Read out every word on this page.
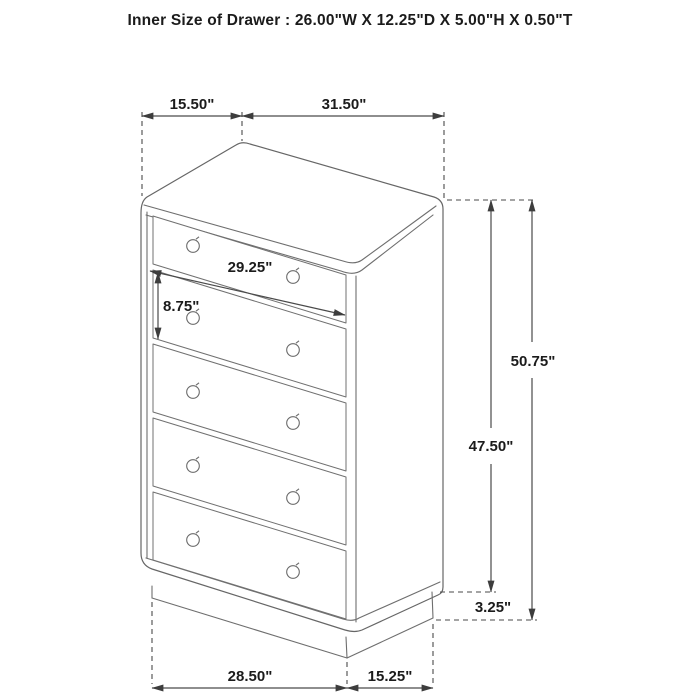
Inner Size of Drawer : 26.00"W X 12.25"D X 5.00"H X 0.50"T
15.50"	31.50"
29.25"
8.75"
47.50"
50.75"
3.25"
28.50"	15.25"
